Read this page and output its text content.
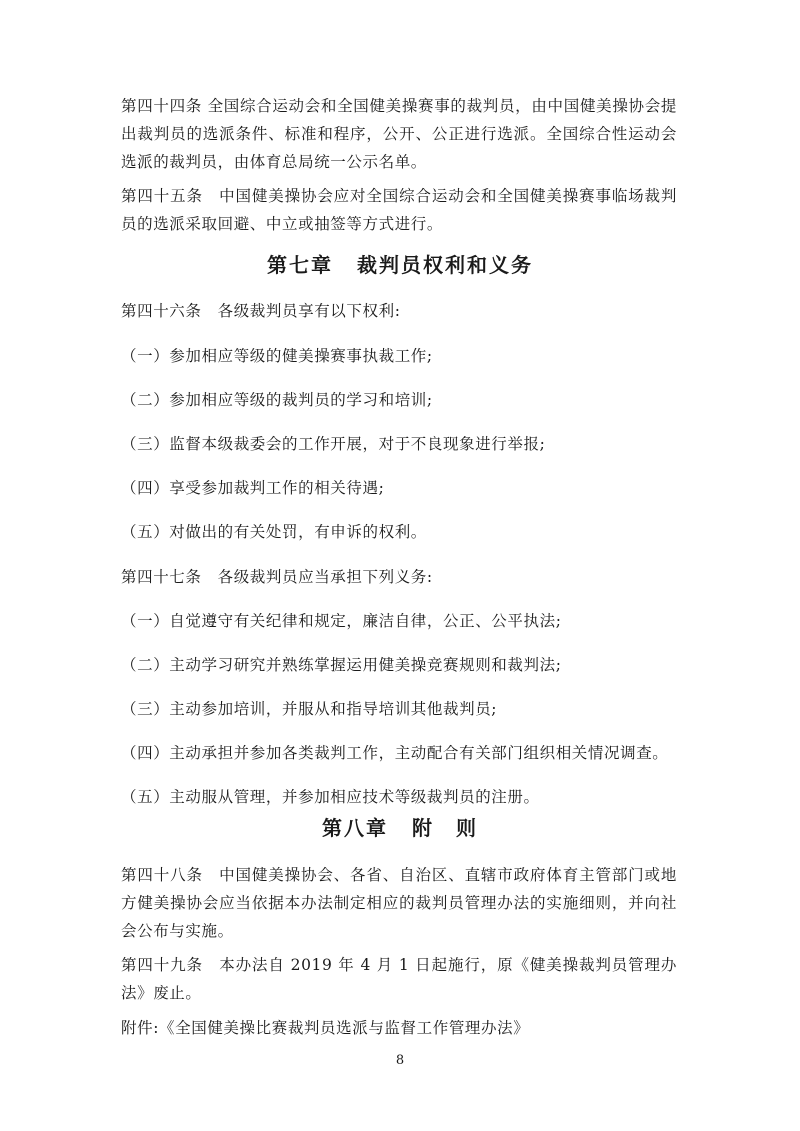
第四十四条 全国综合运动会和全国健美操赛事的裁判员，由中国健美操协会提出裁判员的选派条件、标准和程序，公开、公正进行选派。全国综合性运动会选派的裁判员，由体育总局统一公示名单。

第四十五条　中国健美操协会应对全国综合运动会和全国健美操赛事临场裁判员的选派采取回避、中立或抽签等方式进行。

第七章 裁判员权利和义务

第四十六条　各级裁判员享有以下权利:

（一）参加相应等级的健美操赛事执裁工作;

（二）参加相应等级的裁判员的学习和培训;

（三）监督本级裁委会的工作开展，对于不良现象进行举报;

（四）享受参加裁判工作的相关待遇;

（五）对做出的有关处罚，有申诉的权利。

第四十七条　各级裁判员应当承担下列义务:

（一）自觉遵守有关纪律和规定，廉洁自律，公正、公平执法;

（二）主动学习研究并熟练掌握运用健美操竞赛规则和裁判法;

（三）主动参加培训，并服从和指导培训其他裁判员;

（四）主动承担并参加各类裁判工作，主动配合有关部门组织相关情况调查。

（五）主动服从管理，并参加相应技术等级裁判员的注册。

第八章 附　则

第四十八条　中国健美操协会、各省、自治区、直辖市政府体育主管部门或地方健美操协会应当依据本办法制定相应的裁判员管理办法的实施细则，并向社会公布与实施。

第四十九条　本办法自 2019 年 4 月 1 日起施行，原《健美操裁判员管理办法》废止。

附件:《全国健美操比赛裁判员选派与监督工作管理办法》

8
